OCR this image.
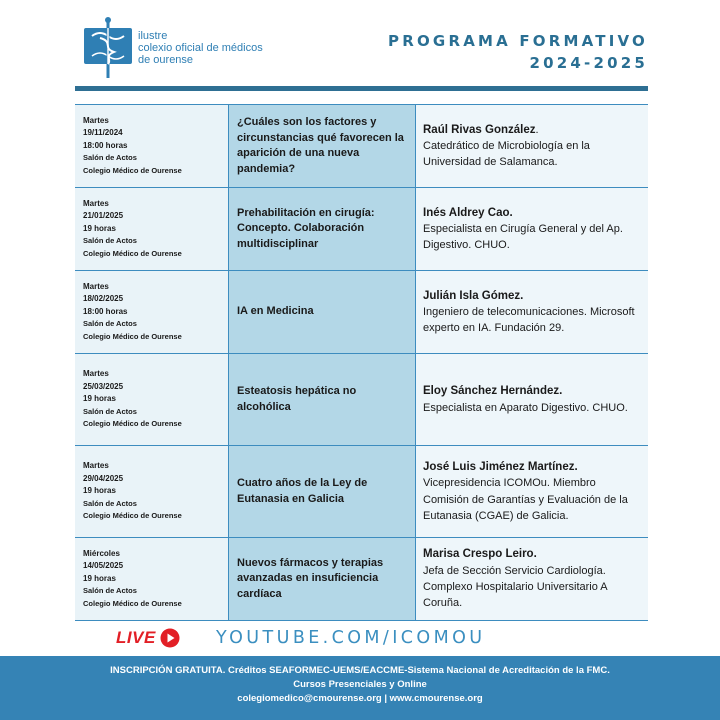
ilustre
colexio oficial de médicos
de ourense
PROGRAMA FORMATIVO
2024-2025
Martes
19/11/2024
18:00 horas
Salón de Actos
Colegio Médico de Ourense
¿Cuáles son los factores y circunstancias qué favorecen la aparición de una nueva pandemia?
Raúl Rivas González.
Catedrático de Microbiología en la Universidad de Salamanca.
Martes
21/01/2025
19 horas
Salón de Actos
Colegio Médico de Ourense
Prehabilitación en cirugía: Concepto. Colaboración multidisciplinar
Inés Aldrey Cao.
Especialista en Cirugía General y del Ap. Digestivo. CHUO.
Martes
18/02/2025
18:00 horas
Salón de Actos
Colegio Médico de Ourense
IA en Medicina
Julián Isla Gómez.
Ingeniero de telecomunicaciones. Microsoft experto en IA. Fundación 29.
Martes
25/03/2025
19 horas
Salón de Actos
Colegio Médico de Ourense
Esteatosis hepática no alcohólica
Eloy Sánchez Hernández.
Especialista en Aparato Digestivo. CHUO.
Martes
29/04/2025
19 horas
Salón de Actos
Colegio Médico de Ourense
Cuatro años de la Ley de Eutanasia en Galicia
José Luis Jiménez Martínez.
Vicepresidencia ICOMOu. Miembro Comisión de Garantías y Evaluación de la Eutanasia (CGAE) de Galicia.
Miércoles
14/05/2025
19 horas
Salón de Actos
Colegio Médico de Ourense
Nuevos fármacos y terapias avanzadas en insuficiencia cardíaca
Marisa Crespo Leiro.
Jefa de Sección Servicio Cardiología. Complexo Hospitalario Universitario A Coruña.
LIVE	YOUTUBE.COM/ICOMOU
INSCRIPCIÓN GRATUITA. Créditos SEAFORMEC-UEMS/EACCME-Sistema Nacional de Acreditación de la FMC.
Cursos Presenciales y Online
colegiomedico@cmourense.org | www.cmourense.org
